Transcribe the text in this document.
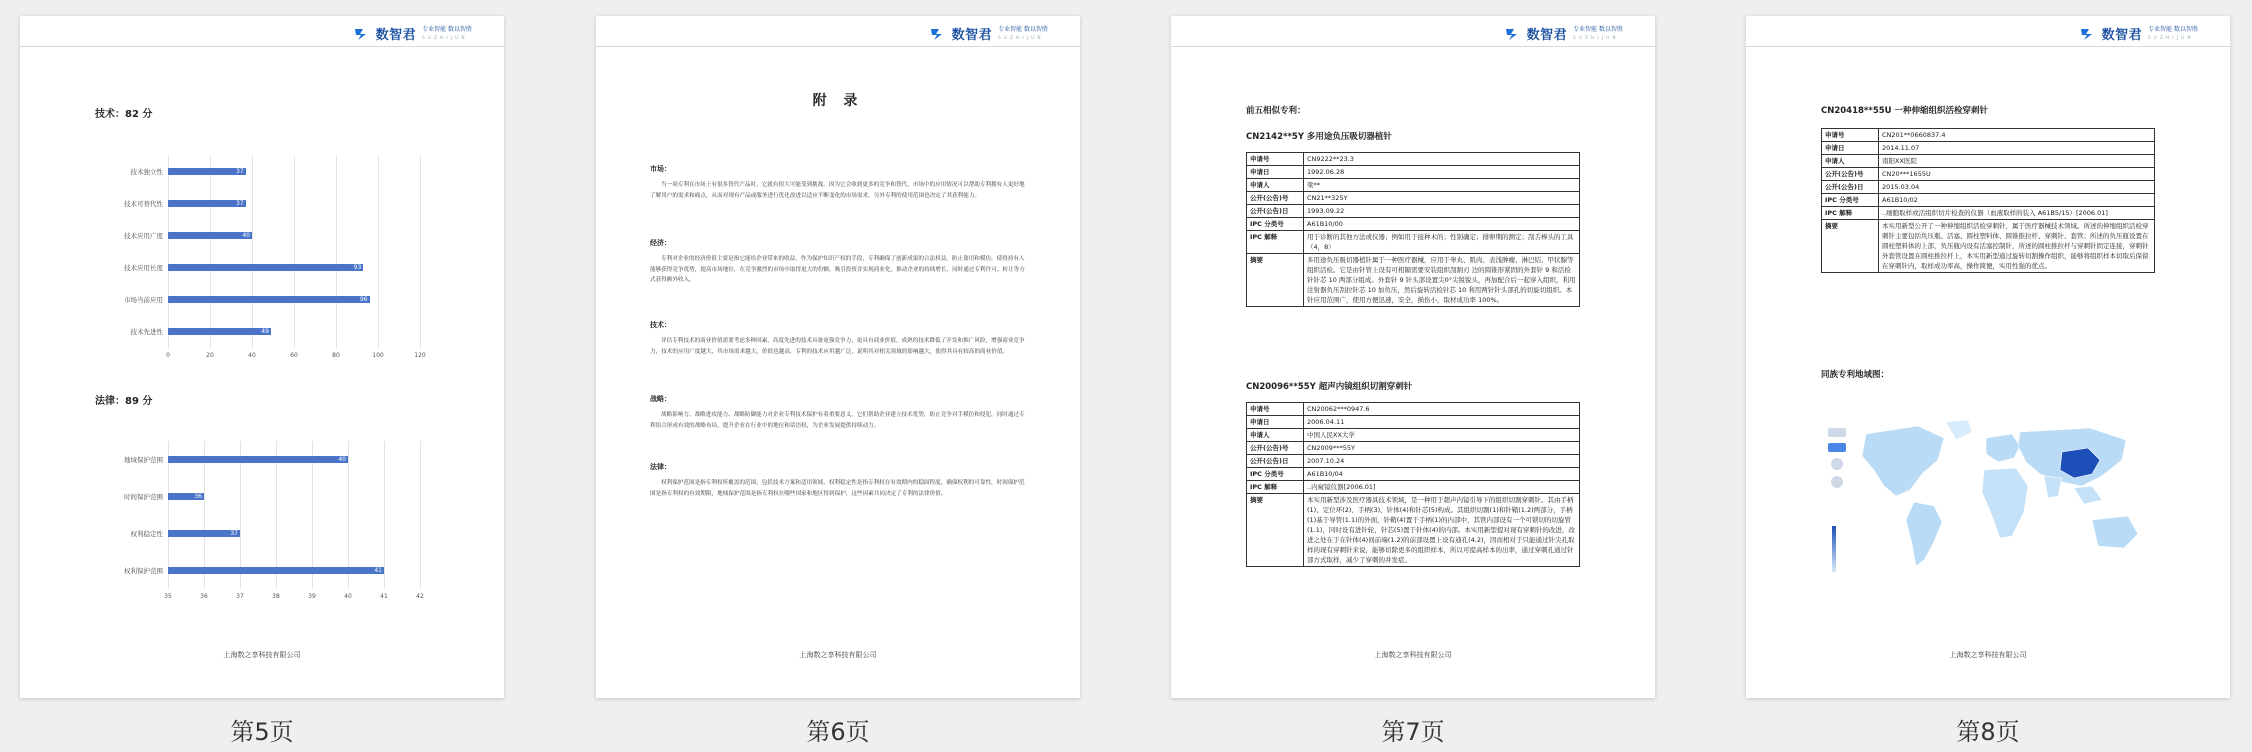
数智君 专业智能 数以智胜
S U Z H I J U N
技术：82 分
0	20	40	60	80	100	120
技术独立性	37
技术可替代性	37
技术应用广度	40
技术应用长度	93
市场当前应用	96
技术先进性	49
法律：89 分
35	36	37	38	39	40	41	42
地域保护范围	40
时间保护范围	36
权利稳定性	37
权利保护范围	41
上海数之享科技有限公司
第5页
数智君 专业智能 数以智胜
S U Z H I J U N
附 录
市场：

当一项专利在市场上有很多替代产品时，它就有很大可能受到挑战。因为它会收到更多的竞争和替代，市场中的应用情况可以帮助专利拥有人更好地了解用户的需求和痛点，从而对现有产品或服务进行优化改进以适应不断变化的市场需求，另外专利的使用范围也决定了其获利能力。

经济：

专利对企业的经济价值主要是指它能给企业带来的收益，作为保护知识产权的手段，专利确保了创新成果的合法权益，防止盗用和模仿，使得持有人能够获得竞争优势，提高市场地位，在竞争激烈的市场中取得更大的份额，吸引投资并实现商业化，推动企业的持续增长，同时通过专利许可、转让等方式获得额外收入。

技术：

评估专利技术的商业价值需要考虑多种因素，高度先进的技术具备更强竞争力，更具有商业价值，成熟的技术降低了开发和推广风险，增强商业竞争力，技术的应用广度越大，其市场需求越大，价值也越高，专利的技术应用越广泛，说明其对相关领域的影响越大，使得其具有较高的商业价值。

战略：

战略影响力、战略进攻能力、战略防御能力对企业专利技术保护有着重要意义。它们帮助企业建立技术优势，防止竞争对手模仿和侵犯，同时通过专利组合形成有效的战略布局，提升企业在行业中的地位和话语权，为企业发展提供持续动力。

法律：

权利保护范围是指专利权所覆盖的范围，包括技术方案和适用领域，权利稳定性是指专利权在有效期内的稳固程度，确保权利的可靠性，时间保护范围是指专利权的有效期限，地域保护范围是指专利权在哪些国家和地区得到保护，这些因素共同决定了专利的法律价值。

上海数之享科技有限公司
第6页
数智君 专业智能 数以智胜
S U Z H I J U N
前五相似专利：
CN2142**5Y 多用途负压吸切器植针
申请号	CN9222**23.3
申请日	1992.06.28
申请人	梁**
公开(公告)号	CN21**325Y
公开(公告)日	1993.09.22
IPC 分类号	A61B10/00
IPC 解释	用于诊断的其他方法或仪器；例如用于接种术的；性别确定；排卵期的测定；刮舌棒头的工具（4，8）
摘要	多用途负压吸切器植针属于一种医疗器械，应用于睾丸、肌肉、表浅肿瘤、淋巴结、甲状腺等组织活检。它是由针管上设有可相隔需要安装组织刮割刃 边的圆锥形紧固的外套针 9 和活检针针芯 10 两部分组成。外套针 9 针头部设置尖0°尖锐锐头，再加配合后一起穿入组织，利用注射器负压刮拉针芯 10 加负压，然后旋转活检针芯 10 利用两针针头部孔的切旋切组织。本针应用范围广，使用方便迅速，安全，损伤小，取材成功率 100%。
CN20096**55Y 超声内镜组织切割穿刺针
申请号	CN20062***0947.6
申请日	2006.04.11
申请人	中国人民XX大学
公开(公告)号	CN2009***55Y
公开(公告)日	2007.10.24
IPC 分类号	A61B10/04
IPC 解释	..内窥镜仪器[2006.01]
摘要	本实用新型涉及医疗器具技术领域，是一种用于超声内镜引导下的组织切割穿刺针。其由手柄(1)、定位环(2)、手柄(3)、针体(4)和针芯(5)构成。其组织切割(1)和针鞘(1.2)两部分，手柄(1)基于导管(1.1)的外面，针鞘(4)置于手柄(1)的内部中，其管内部设有一个可锁切的切旋管(1.1)，同时设有进针轮，针芯(5)置于针体(4)的内部。本实用新型提对现有穿刺针的改进，改进之处在于在针体(4)间前端(1.2)的前部设置上设有通孔(4.2)，因而相对于只能通过针尖孔取样的现有穿刺针来说，能够切除更多的组织样本，所以可提高样本的出率，通过穿刺孔通过针部方式取样，减少了穿刺的并发症。
上海数之享科技有限公司
第7页
数智君 专业智能 数以智胜
S U Z H I J U N
CN20418**55U 一种伸缩组织活检穿刺针
申请号	CN201**0660837.4
申请日	2014.11.07
申请人	南阳XX医院
公开(公告)号	CN20***1655U
公开(公告)日	2015.03.04
IPC 分类号	A61B10/02
IPC 解释	..细胞取样或活组织切片检查的仪器（血液取样的装入 A61B5/15）[2006.01]
摘要	本实用新型公开了一种伸缩组织活检穿刺针，属于医疗器械技术领域。所述的伸缩组织活检穿刺针主要包括负压瓶、活塞、圆柱塑料体、圆锥推拉杆、穿刺针、套管；所述的负压瓶设置在圆柱塑料体的上部，负压瓶内设有活塞控制针，所述的圆柱推拉杆与穿刺针固定连接，穿刺针外套管设置在圆柱推拉杆上，本实用新型通过旋转切割操作组织，能够将组织样本切取后保留在穿刺针内，取样成功率高，操作简便，实用性强的优点。
同族专利地域图：
上海数之享科技有限公司
第8页
